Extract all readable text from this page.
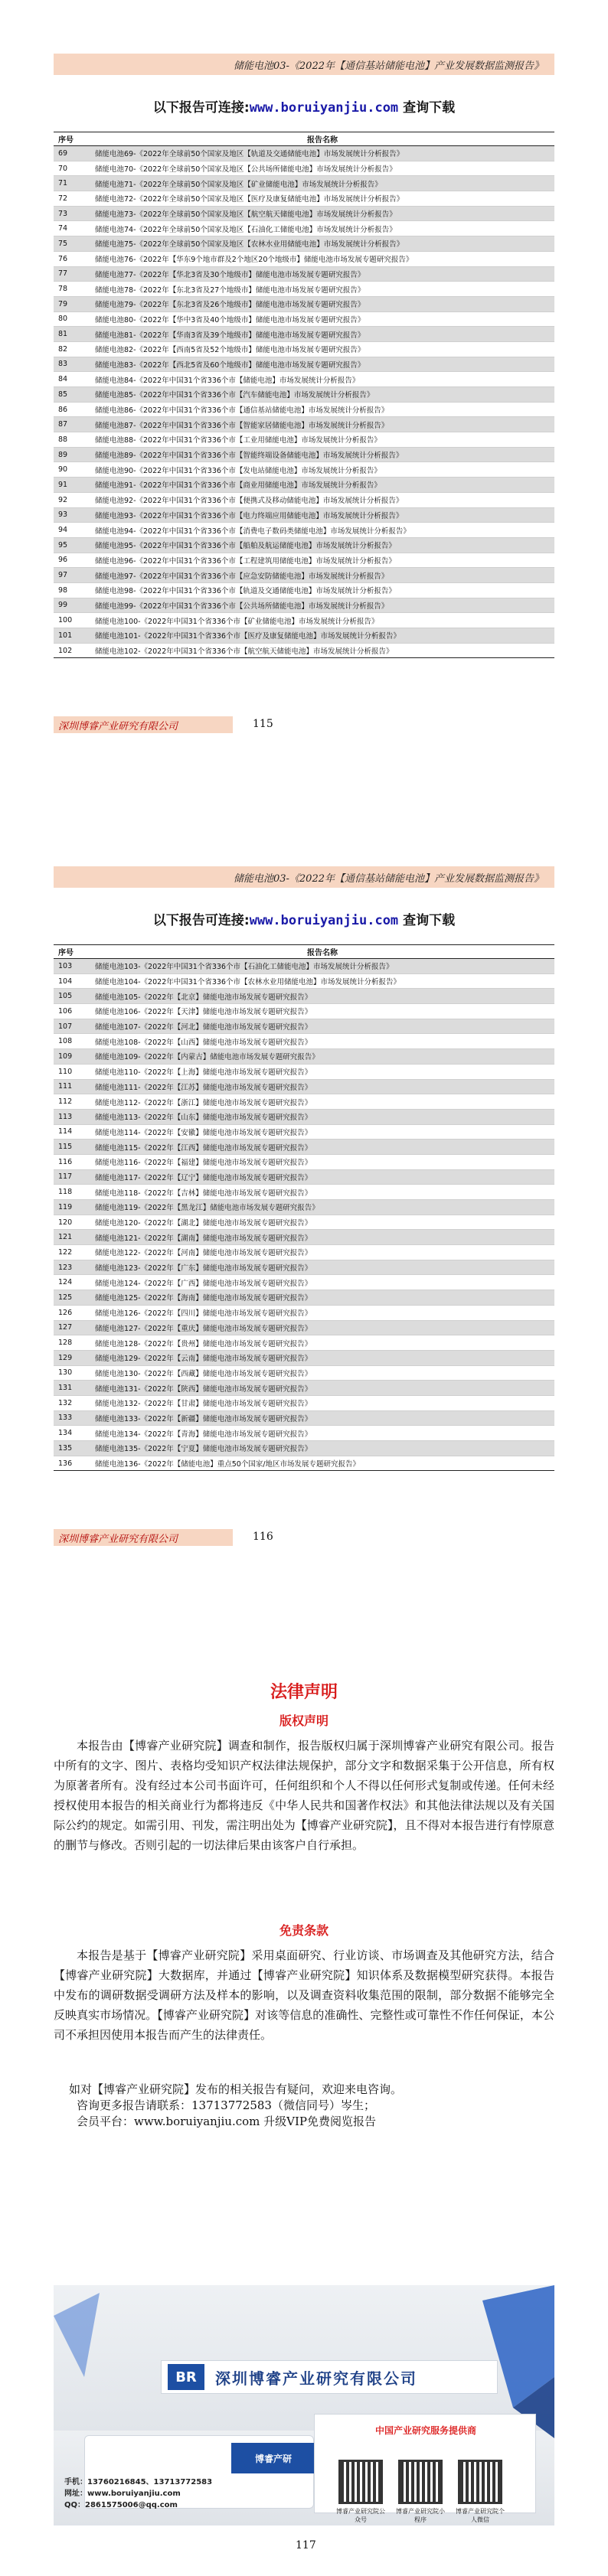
储能电池03-《2022年【通信基站储能电池】产业发展数据监测报告》
以下报告可连接:www.boruiyanjiu.com 查询下载
序号	报告名称
69	储能电池69-《2022年全球前50个国家及地区【轨道及交通储能电池】市场发展统计分析报告》
70	储能电池70-《2022年全球前50个国家及地区【公共场所储能电池】市场发展统计分析报告》
71	储能电池71-《2022年全球前50个国家及地区【矿业储能电池】市场发展统计分析报告》
72	储能电池72-《2022年全球前50个国家及地区【医疗及康复储能电池】市场发展统计分析报告》
73	储能电池73-《2022年全球前50个国家及地区【航空航天储能电池】市场发展统计分析报告》
74	储能电池74-《2022年全球前50个国家及地区【石油化工储能电池】市场发展统计分析报告》
75	储能电池75-《2022年全球前50个国家及地区【农林水业用储能电池】市场发展统计分析报告》
76	储能电池76-《2022年【华东9个地市群及2个地区20个地级市】储能电池市场发展专题研究报告》
77	储能电池77-《2022年【华北3省及30个地级市】储能电池市场发展专题研究报告》
78	储能电池78-《2022年【东北3省及27个地级市】储能电池市场发展专题研究报告》
79	储能电池79-《2022年【东北3省及26个地级市】储能电池市场发展专题研究报告》
80	储能电池80-《2022年【华中3省及40个地级市】储能电池市场发展专题研究报告》
81	储能电池81-《2022年【华南3省及39个地级市】储能电池市场发展专题研究报告》
82	储能电池82-《2022年【西南5省及52个地级市】储能电池市场发展专题研究报告》
83	储能电池83-《2022年【西北5省及60个地级市】储能电池市场发展专题研究报告》
84	储能电池84-《2022年中国31个省336个市【储能电池】市场发展统计分析报告》
85	储能电池85-《2022年中国31个省336个市【汽车储能电池】市场发展统计分析报告》
86	储能电池86-《2022年中国31个省336个市【通信基站储能电池】市场发展统计分析报告》
87	储能电池87-《2022年中国31个省336个市【智能家居储能电池】市场发展统计分析报告》
88	储能电池88-《2022年中国31个省336个市【工业用储能电池】市场发展统计分析报告》
89	储能电池89-《2022年中国31个省336个市【智能终端设备储能电池】市场发展统计分析报告》
90	储能电池90-《2022年中国31个省336个市【发电站储能电池】市场发展统计分析报告》
91	储能电池91-《2022年中国31个省336个市【商业用储能电池】市场发展统计分析报告》
92	储能电池92-《2022年中国31个省336个市【便携式及移动储能电池】市场发展统计分析报告》
93	储能电池93-《2022年中国31个省336个市【电力终端应用储能电池】市场发展统计分析报告》
94	储能电池94-《2022年中国31个省336个市【消费电子数码类储能电池】市场发展统计分析报告》
95	储能电池95-《2022年中国31个省336个市【船舶及航运储能电池】市场发展统计分析报告》
96	储能电池96-《2022年中国31个省336个市【工程建筑用储能电池】市场发展统计分析报告》
97	储能电池97-《2022年中国31个省336个市【应急安防储能电池】市场发展统计分析报告》
98	储能电池98-《2022年中国31个省336个市【轨道及交通储能电池】市场发展统计分析报告》
99	储能电池99-《2022年中国31个省336个市【公共场所储能电池】市场发展统计分析报告》
100	储能电池100-《2022年中国31个省336个市【矿业储能电池】市场发展统计分析报告》
101	储能电池101-《2022年中国31个省336个市【医疗及康复储能电池】市场发展统计分析报告》
102	储能电池102-《2022年中国31个省336个市【航空航天储能电池】市场发展统计分析报告》
深圳博睿产业研究有限公司	115
储能电池03-《2022年【通信基站储能电池】产业发展数据监测报告》
以下报告可连接:www.boruiyanjiu.com 查询下载
序号	报告名称
103	储能电池103-《2022年中国31个省336个市【石油化工储能电池】市场发展统计分析报告》
104	储能电池104-《2022年中国31个省336个市【农林水业用储能电池】市场发展统计分析报告》
105	储能电池105-《2022年【北京】储能电池市场发展专题研究报告》
106	储能电池106-《2022年【天津】储能电池市场发展专题研究报告》
107	储能电池107-《2022年【河北】储能电池市场发展专题研究报告》
108	储能电池108-《2022年【山西】储能电池市场发展专题研究报告》
109	储能电池109-《2022年【内蒙古】储能电池市场发展专题研究报告》
110	储能电池110-《2022年【上海】储能电池市场发展专题研究报告》
111	储能电池111-《2022年【江苏】储能电池市场发展专题研究报告》
112	储能电池112-《2022年【浙江】储能电池市场发展专题研究报告》
113	储能电池113-《2022年【山东】储能电池市场发展专题研究报告》
114	储能电池114-《2022年【安徽】储能电池市场发展专题研究报告》
115	储能电池115-《2022年【江西】储能电池市场发展专题研究报告》
116	储能电池116-《2022年【福建】储能电池市场发展专题研究报告》
117	储能电池117-《2022年【辽宁】储能电池市场发展专题研究报告》
118	储能电池118-《2022年【吉林】储能电池市场发展专题研究报告》
119	储能电池119-《2022年【黑龙江】储能电池市场发展专题研究报告》
120	储能电池120-《2022年【湖北】储能电池市场发展专题研究报告》
121	储能电池121-《2022年【湖南】储能电池市场发展专题研究报告》
122	储能电池122-《2022年【河南】储能电池市场发展专题研究报告》
123	储能电池123-《2022年【广东】储能电池市场发展专题研究报告》
124	储能电池124-《2022年【广西】储能电池市场发展专题研究报告》
125	储能电池125-《2022年【海南】储能电池市场发展专题研究报告》
126	储能电池126-《2022年【四川】储能电池市场发展专题研究报告》
127	储能电池127-《2022年【重庆】储能电池市场发展专题研究报告》
128	储能电池128-《2022年【贵州】储能电池市场发展专题研究报告》
129	储能电池129-《2022年【云南】储能电池市场发展专题研究报告》
130	储能电池130-《2022年【西藏】储能电池市场发展专题研究报告》
131	储能电池131-《2022年【陕西】储能电池市场发展专题研究报告》
132	储能电池132-《2022年【甘肃】储能电池市场发展专题研究报告》
133	储能电池133-《2022年【新疆】储能电池市场发展专题研究报告》
134	储能电池134-《2022年【青海】储能电池市场发展专题研究报告》
135	储能电池135-《2022年【宁夏】储能电池市场发展专题研究报告》
136	储能电池136-《2022年【储能电池】重点50个国家/地区市场发展专题研究报告》
深圳博睿产业研究有限公司	116
法律声明
版权声明
本报告由【博睿产业研究院】调查和制作，报告版权归属于深圳博睿产业研究有限公司。报告中所有的文字、图片、表格均受知识产权法律法规保护，部分文字和数据采集于公开信息，所有权为原著者所有。没有经过本公司书面许可，任何组织和个人不得以任何形式复制或传递。任何未经授权使用本报告的相关商业行为都将违反《中华人民共和国著作权法》和其他法律法规以及有关国际公约的规定。如需引用、刊发，需注明出处为【博睿产业研究院】，且不得对本报告进行有悖原意的删节与修改。否则引起的一切法律后果由该客户自行承担。
免责条款
本报告是基于【博睿产业研究院】采用桌面研究、行业访谈、市场调查及其他研究方法，结合【博睿产业研究院】大数据库，并通过【博睿产业研究院】知识体系及数据模型研究获得。本报告中发布的调研数据受调研方法及样本的影响，以及调查资料收集范围的限制，部分数据不能够完全反映真实市场情况。【博睿产业研究院】对该等信息的准确性、完整性或可靠性不作任何保证，本公司不承担因使用本报告而产生的法律责任。
如对【博睿产业研究院】发布的相关报告有疑问，欢迎来电咨询。
咨询更多报告请联系：13713772583（微信同号）岑生；
会员平台：www.boruiyanjiu.com 升级VIP免费阅览报告
BR	深圳博睿产业研究有限公司
博睿产研
中国产业研究服务提供商
手机：13760216845、13713772583
网址：www.boruiyanjiu.com
QQ：2861575006@qq.com
博睿产业研究院公众号
博睿产业研究院小程序
博睿产业研究院个人微信
117
